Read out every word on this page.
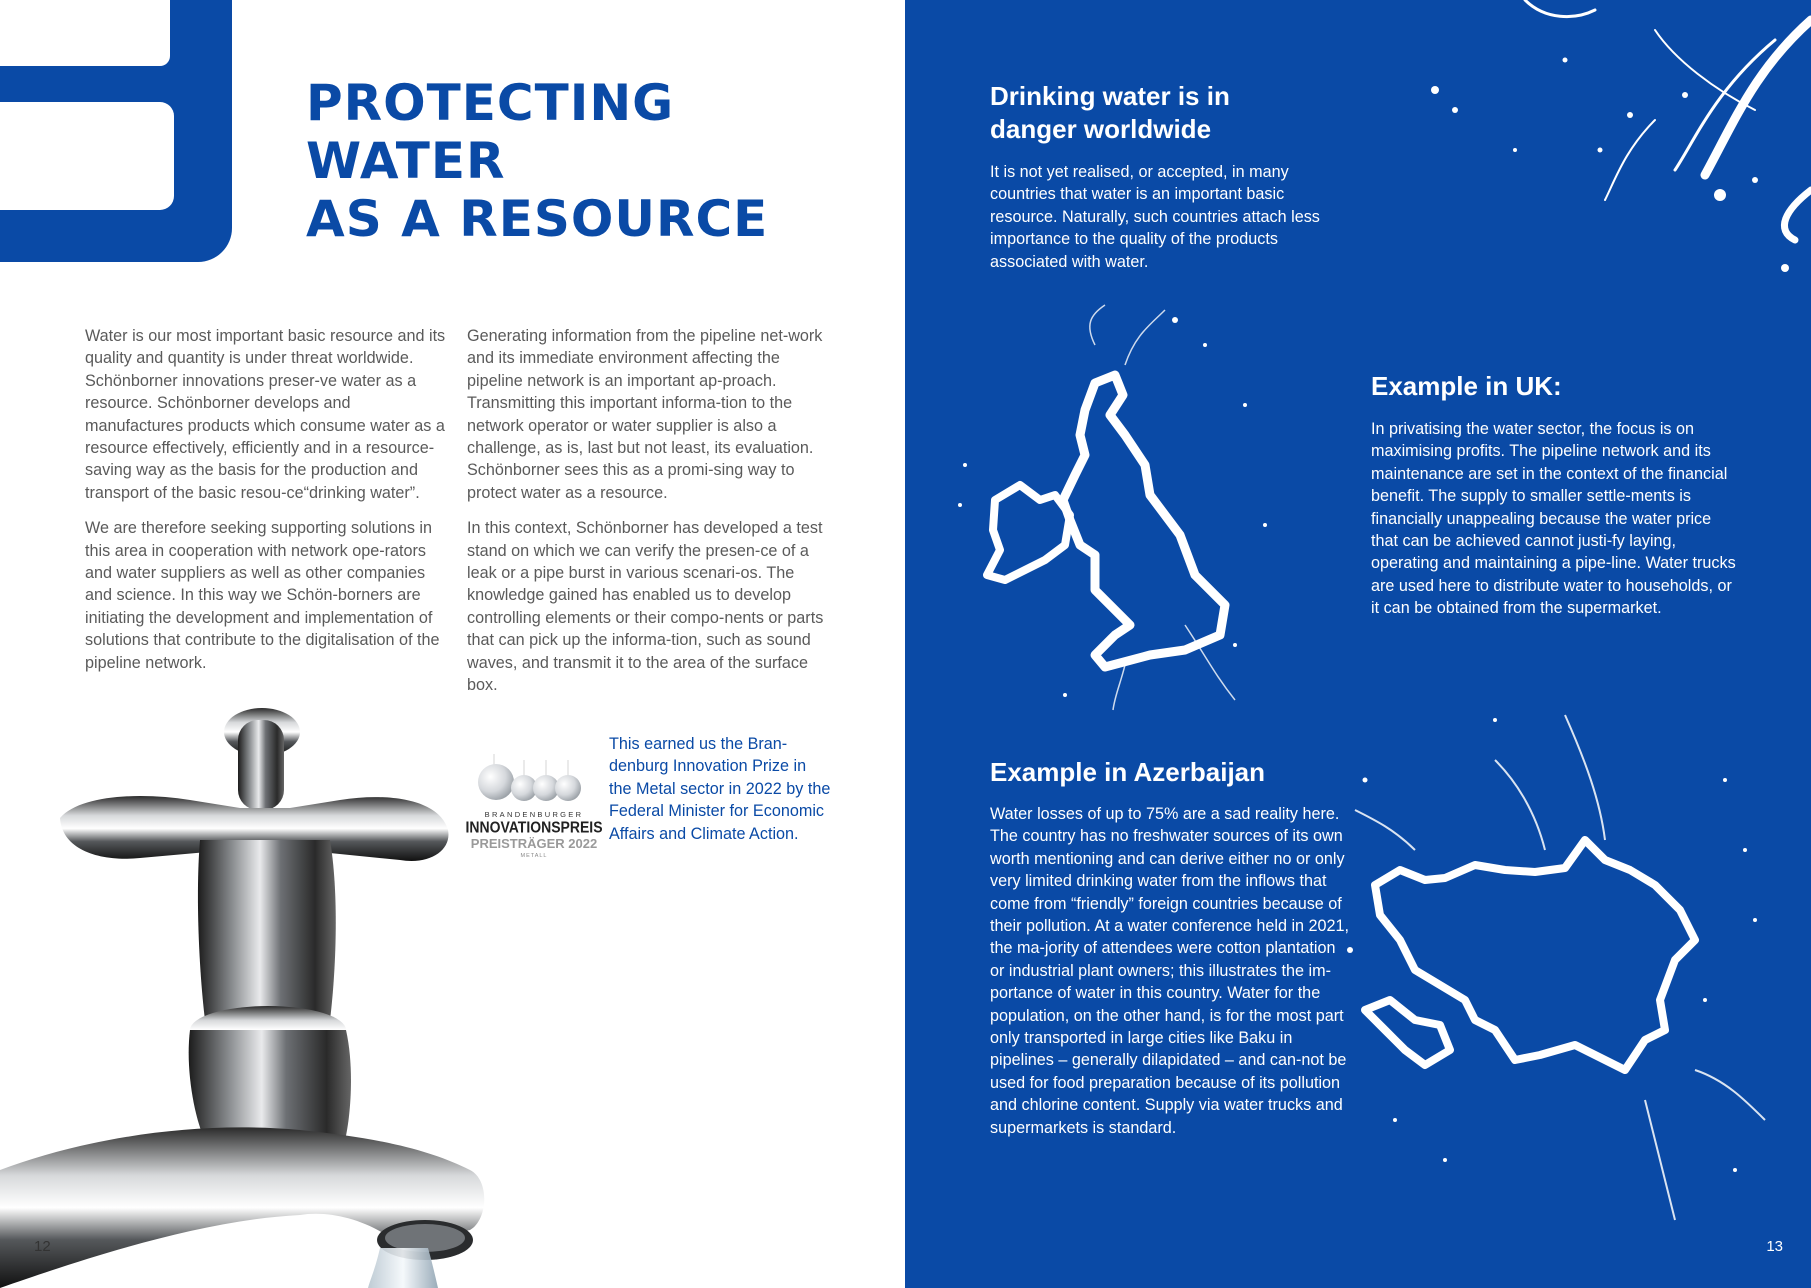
PROTECTING WATER
AS A RESOURCE

Water is our most important basic resource and its quality and quantity is under threat worldwide. Schönborner innovations preser-ve water as a resource. Schönborner develops and manufactures products which consume water as a resource effectively, efficiently and in a resource-saving way as the basis for the production and transport of the basic resou-ce“drinking water”.

We are therefore seeking supporting solutions in this area in cooperation with network ope-rators and water suppliers as well as other companies and science. In this way we Schön-borners are initiating the development and implementation of solutions that contribute to the digitalisation of the pipeline network.

Generating information from the pipeline net-work and its immediate environment affecting the pipeline network is an important ap-proach. Transmitting this important informa-tion to the network operator or water supplier is also a challenge, as is, last but not least, its evaluation. Schönborner sees this as a promi-sing way to protect water as a resource.

In this context, Schönborner has developed a test stand on which we can verify the presen-ce of a leak or a pipe burst in various scenari-os. The knowledge gained has enabled us to develop controlling elements or their compo-nents or parts that can pick up the informa-tion, such as sound waves, and transmit it to the area of the surface box.

BRANDENBURGER
INNOVATIONSPREIS
PREISTRÄGER 2022
METALL

This earned us the Bran-denburg Innovation Prize in the Metal sector in 2022 by the Federal Minister for Economic Affairs and Climate Action.

12
Drinking water is in danger worldwide

It is not yet realised, or accepted, in many countries that water is an important basic resource. Naturally, such countries attach less importance to the quality of the products associated with water.

Example in UK:

In privatising the water sector, the focus is on maximising profits. The pipeline network and its maintenance are set in the context of the financial benefit. The supply to smaller settle-ments is financially unappealing because the water price that can be achieved cannot justi-fy laying, operating and maintaining a pipe-line. Water trucks are used here to distribute water to households, or it can be obtained from the supermarket.

Example in Azerbaijan

Water losses of up to 75% are a sad reality here. The country has no freshwater sources of its own worth mentioning and can derive either no or only very limited drinking water from the inflows that come from “friendly” foreign countries because of their pollution. At a water conference held in 2021, the ma-jority of attendees were cotton plantation or industrial plant owners; this illustrates the im-portance of water in this country. Water for the population, on the other hand, is for the most part only transported in large cities like Baku in pipelines – generally dilapidated – and can-not be used for food preparation because of its pollution and chlorine content. Supply via water trucks and supermarkets is standard.

13
